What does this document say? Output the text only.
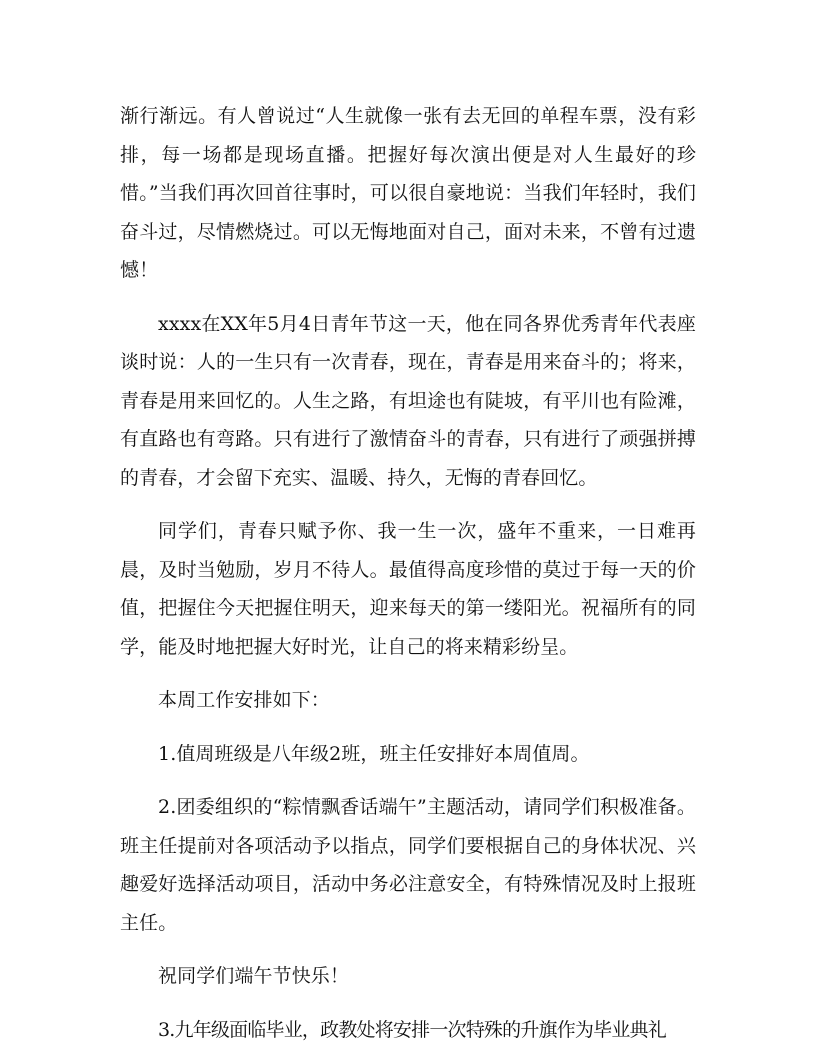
渐行渐远。有人曾说过“人生就像一张有去无回的单程车票，没有彩排，每一场都是现场直播。把握好每次演出便是对人生最好的珍惜。”当我们再次回首往事时，可以很自豪地说：当我们年轻时，我们奋斗过，尽情燃烧过。可以无悔地面对自己，面对未来，不曾有过遗憾！

xxxx在XX年5月4日青年节这一天，他在同各界优秀青年代表座谈时说：人的一生只有一次青春，现在，青春是用来奋斗的；将来，青春是用来回忆的。人生之路，有坦途也有陡坡，有平川也有险滩，有直路也有弯路。只有进行了激情奋斗的青春，只有进行了顽强拼搏的青春，才会留下充实、温暖、持久，无悔的青春回忆。

同学们，青春只赋予你、我一生一次，盛年不重来，一日难再晨，及时当勉励，岁月不待人。最值得高度珍惜的莫过于每一天的价值，把握住今天把握住明天，迎来每天的第一缕阳光。祝福所有的同学，能及时地把握大好时光，让自己的将来精彩纷呈。

本周工作安排如下：

1.值周班级是八年级2班，班主任安排好本周值周。

2.团委组织的“粽情飘香话端午”主题活动，请同学们积极准备。班主任提前对各项活动予以指点，同学们要根据自己的身体状况、兴趣爱好选择活动项目，活动中务必注意安全，有特殊情况及时上报班主任。

祝同学们端午节快乐！

3.九年级面临毕业，政教处将安排一次特殊的升旗作为毕业典礼
